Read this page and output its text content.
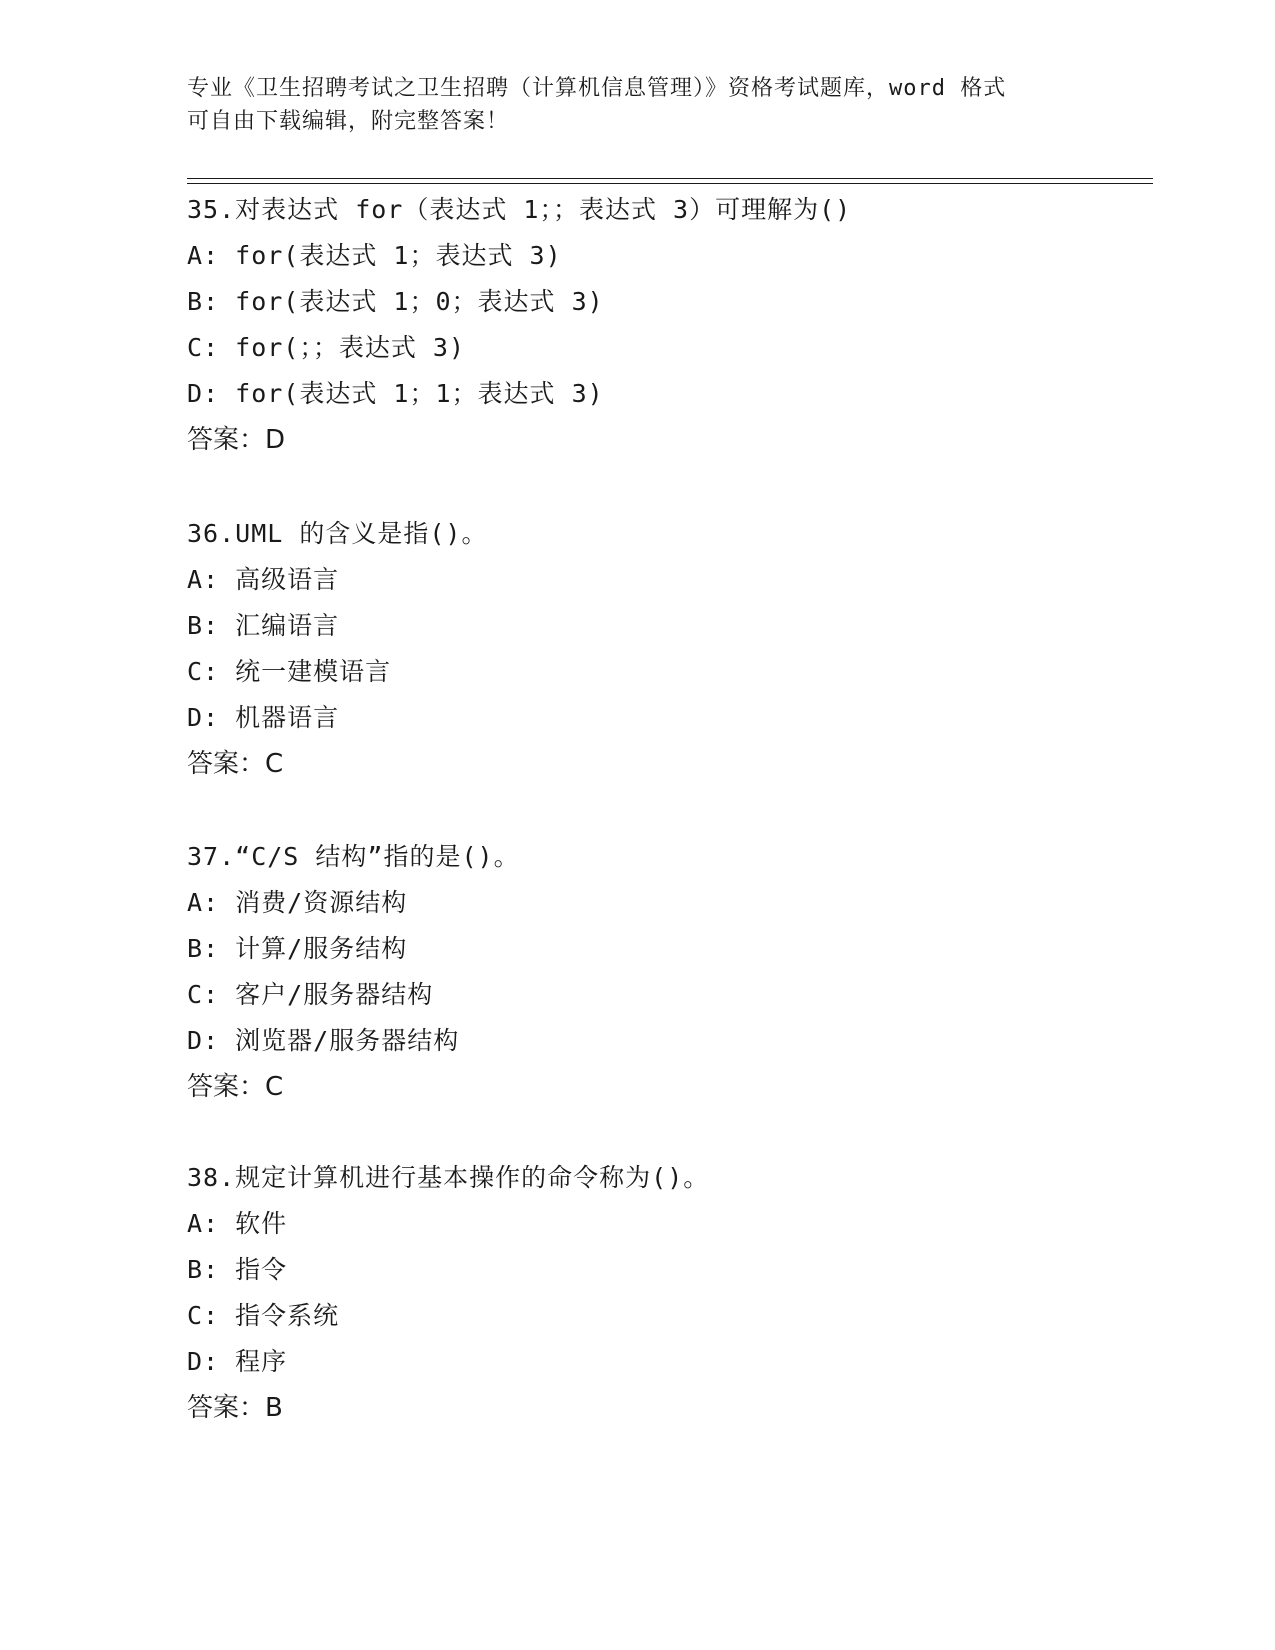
专业《卫生招聘考试之卫生招聘（计算机信息管理）》资格考试题库，word 格式
可自由下载编辑，附完整答案！
35.对表达式 for（表达式 1；；表达式 3）可理解为()
A: for(表达式 1；表达式 3)
B: for(表达式 1；0；表达式 3)
C: for(；；表达式 3)
D: for(表达式 1；1；表达式 3)
答案：D
36.UML 的含义是指()。
A: 高级语言
B: 汇编语言
C: 统一建模语言
D: 机器语言
答案：C
37.“C/S 结构”指的是()。
A: 消费/资源结构
B: 计算/服务结构
C: 客户/服务器结构
D: 浏览器/服务器结构
答案：C
38.规定计算机进行基本操作的命令称为()。
A: 软件
B: 指令
C: 指令系统
D: 程序
答案：B
